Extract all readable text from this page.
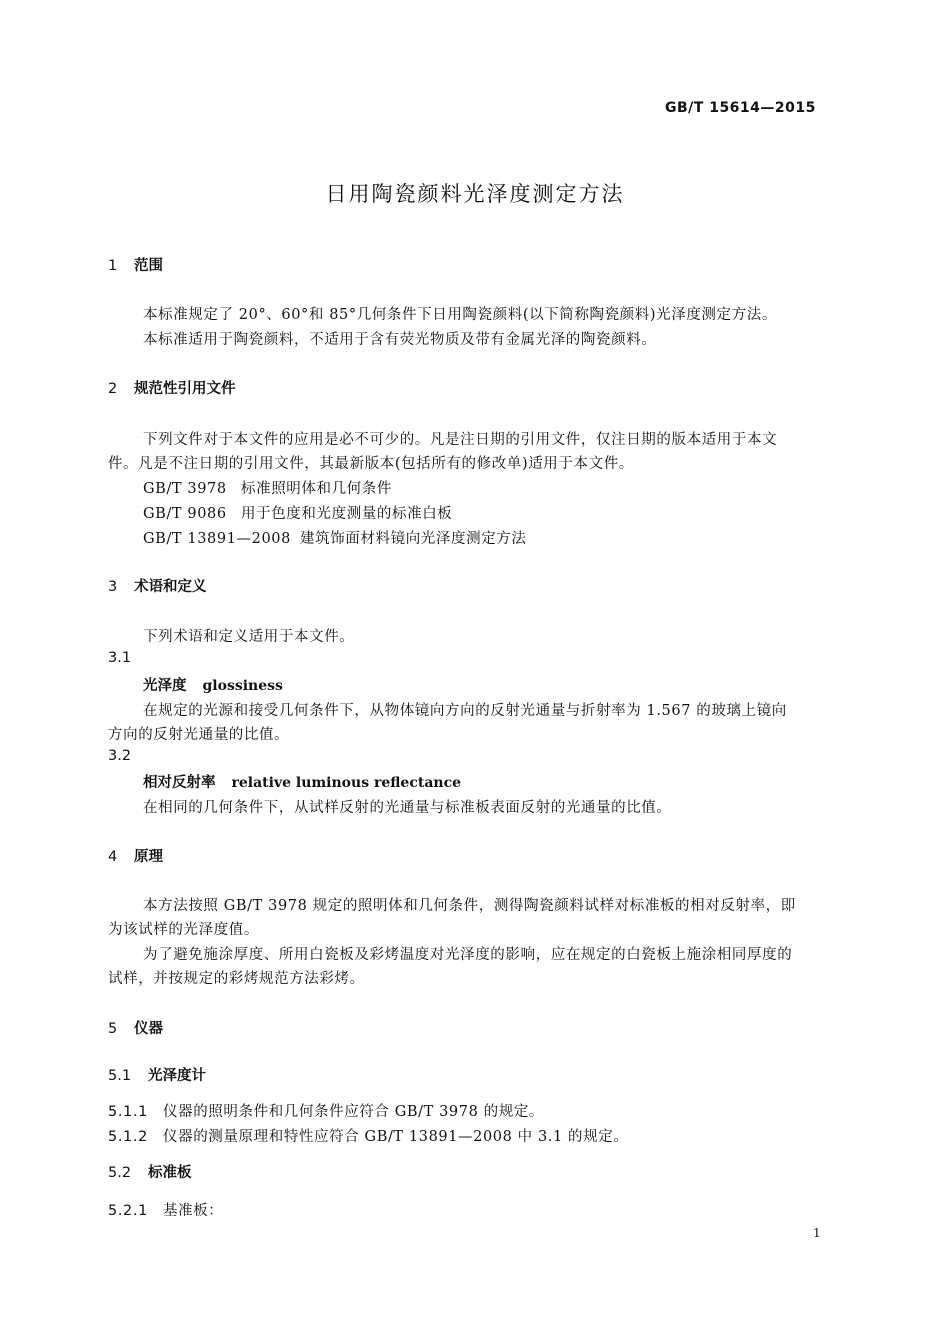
GB/T 15614—2015
日用陶瓷颜料光泽度测定方法
1 范围
本标准规定了 20°、60°和 85°几何条件下日用陶瓷颜料(以下简称陶瓷颜料)光泽度测定方法。
本标准适用于陶瓷颜料，不适用于含有荧光物质及带有金属光泽的陶瓷颜料。
2 规范性引用文件
下列文件对于本文件的应用是必不可少的。凡是注日期的引用文件，仅注日期的版本适用于本文
件。凡是不注日期的引用文件，其最新版本(包括所有的修改单)适用于本文件。
GB/T 3978 标准照明体和几何条件
GB/T 9086 用于色度和光度测量的标准白板
GB/T 13891—2008 建筑饰面材料镜向光泽度测定方法
3 术语和定义
下列术语和定义适用于本文件。
3.1
光泽度 glossiness
在规定的光源和接受几何条件下，从物体镜向方向的反射光通量与折射率为 1.567 的玻璃上镜向
方向的反射光通量的比值。
3.2
相对反射率 relative luminous reflectance
在相同的几何条件下，从试样反射的光通量与标准板表面反射的光通量的比值。
4 原理
本方法按照 GB/T 3978 规定的照明体和几何条件，测得陶瓷颜料试样对标准板的相对反射率，即
为该试样的光泽度值。
为了避免施涂厚度、所用白瓷板及彩烤温度对光泽度的影响，应在规定的白瓷板上施涂相同厚度的
试样，并按规定的彩烤规范方法彩烤。
5 仪器
5.1 光泽度计
5.1.1 仪器的照明条件和几何条件应符合 GB/T 3978 的规定。
5.1.2 仪器的测量原理和特性应符合 GB/T 13891—2008 中 3.1 的规定。
5.2 标准板
5.2.1 基准板：
1
